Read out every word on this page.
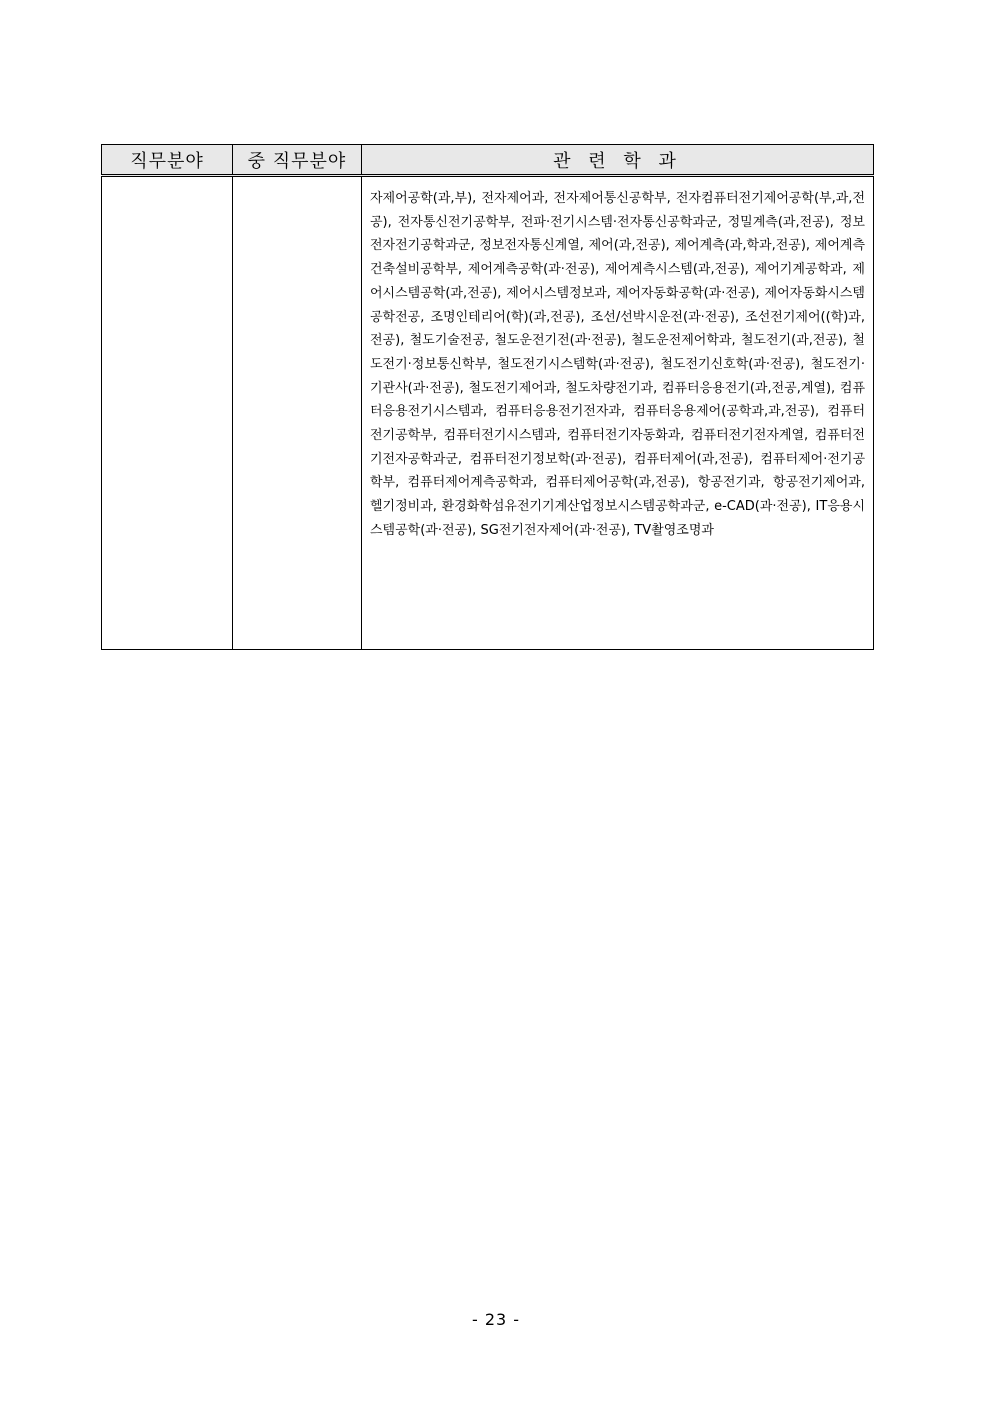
직무분야	중 직무분야	관 련 학 과

		자제어공학(과,부), 전자제어과, 전자제어통신공학부, 전자컴퓨터전기제어공학(부,과,전공), 전자통신전기공학부, 전파·전기시스템·전자통신공학과군, 정밀계측(과,전공), 정보전자전기공학과군, 정보전자통신계열, 제어(과,전공), 제어계측(과,학과,전공), 제어계측건축설비공학부, 제어계측공학(과·전공), 제어계측시스템(과,전공), 제어기계공학과, 제어시스템공학(과,전공), 제어시스템정보과, 제어자동화공학(과·전공), 제어자동화시스템공학전공, 조명인테리어(학)(과,전공), 조선/선박시운전(과·전공), 조선전기제어((학)과, 전공), 철도기술전공, 철도운전기전(과·전공), 철도운전제어학과, 철도전기(과,전공), 철도전기·정보통신학부, 철도전기시스템학(과·전공), 철도전기신호학(과·전공), 철도전기·기관사(과·전공), 철도전기제어과, 철도차량전기과, 컴퓨터응용전기(과,전공,계열), 컴퓨터응용전기시스템과, 컴퓨터응용전기전자과, 컴퓨터응용제어(공학과,과,전공), 컴퓨터전기공학부, 컴퓨터전기시스템과, 컴퓨터전기자동화과, 컴퓨터전기전자계열, 컴퓨터전기전자공학과군, 컴퓨터전기정보학(과·전공), 컴퓨터제어(과,전공), 컴퓨터제어·전기공학부, 컴퓨터제어계측공학과, 컴퓨터제어공학(과,전공), 항공전기과, 항공전기제어과, 헬기정비과, 환경화학섬유전기기계산업정보시스템공학과군, e-CAD(과·전공), IT응용시스템공학(과·전공), SG전기전자제어(과·전공), TV촬영조명과
- 23 -
